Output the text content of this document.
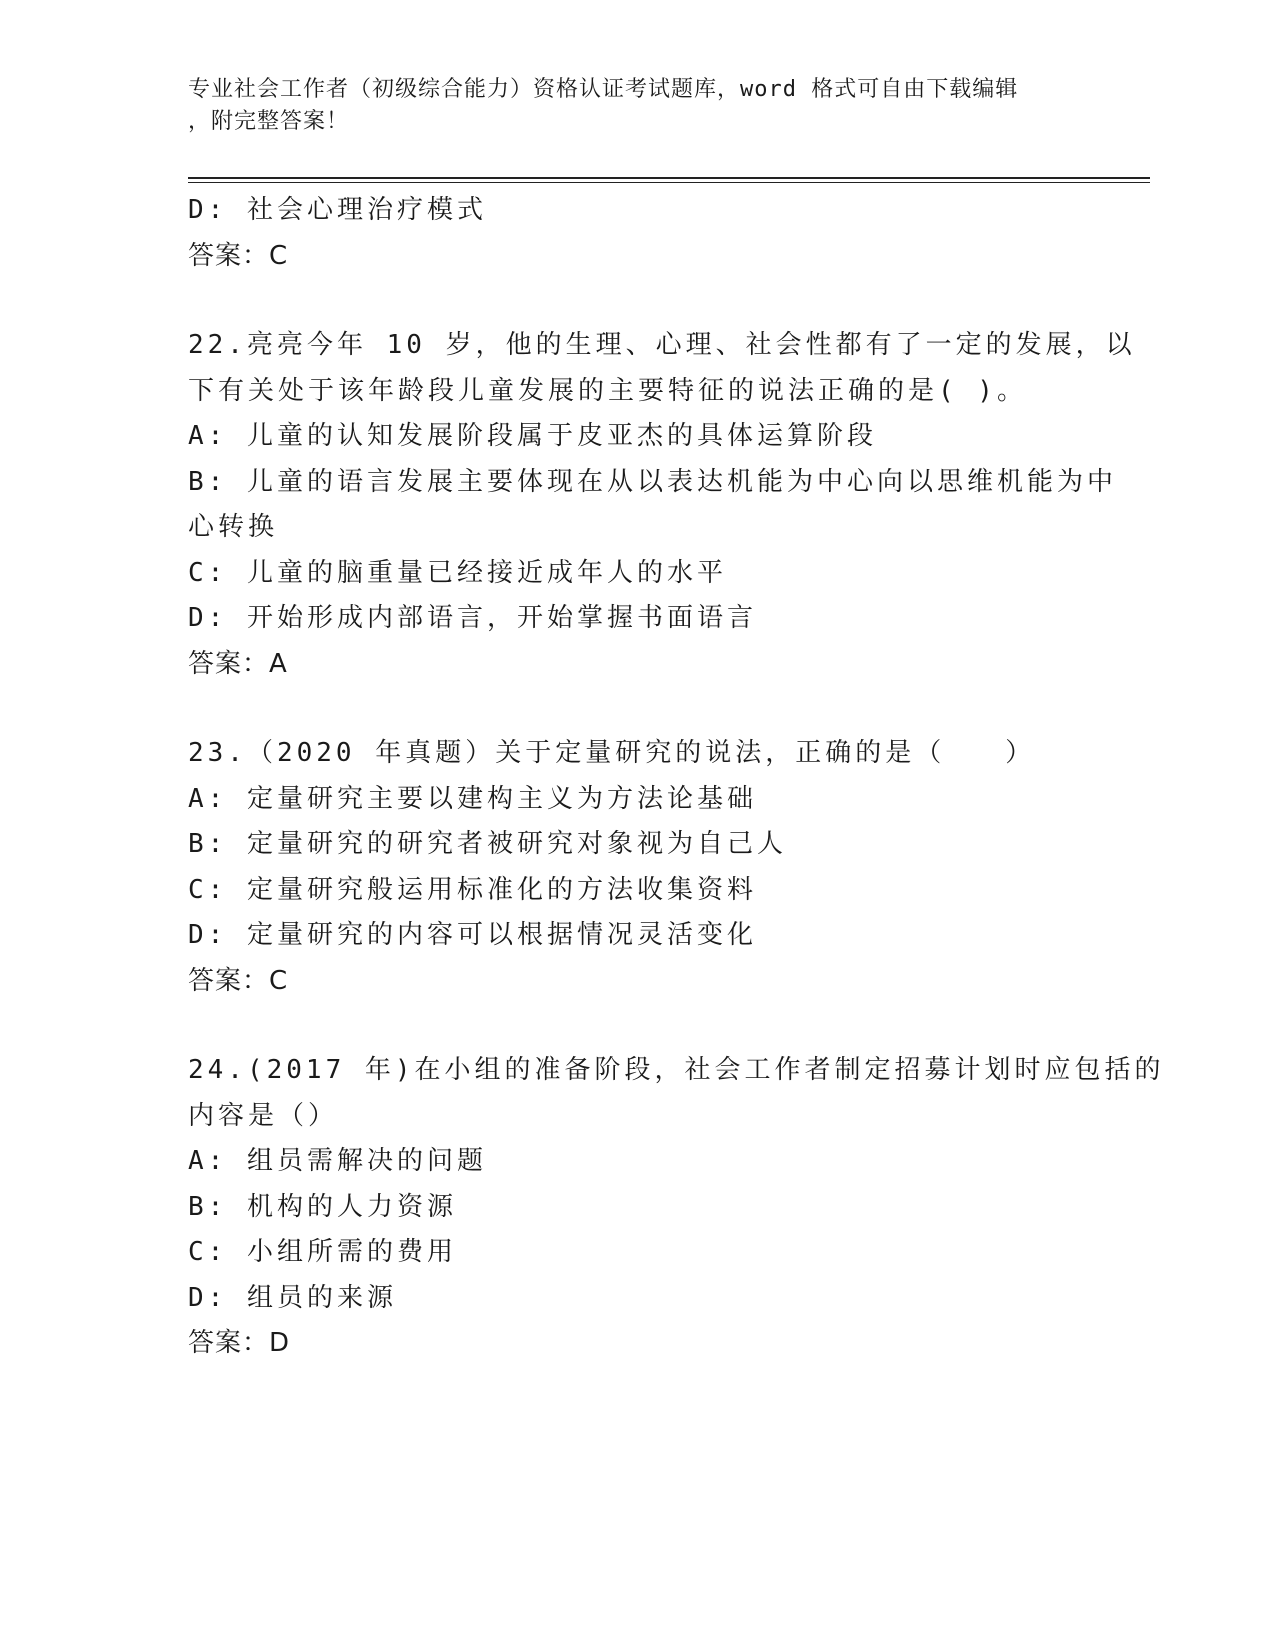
专业社会工作者（初级综合能力）资格认证考试题库，word 格式可自由下载编辑
，附完整答案！
D: 社会心理治疗模式
答案：C
22.亮亮今年 10 岁，他的生理、心理、社会性都有了一定的发展，以
下有关处于该年龄段儿童发展的主要特征的说法正确的是( )。
A: 儿童的认知发展阶段属于皮亚杰的具体运算阶段
B: 儿童的语言发展主要体现在从以表达机能为中心向以思维机能为中
心转换
C: 儿童的脑重量已经接近成年人的水平
D: 开始形成内部语言，开始掌握书面语言
答案：A
23.（2020 年真题）关于定量研究的说法，正确的是（　　）
A: 定量研究主要以建构主义为方法论基础
B: 定量研究的研究者被研究对象视为自己人
C: 定量研究般运用标准化的方法收集资料
D: 定量研究的内容可以根据情况灵活变化
答案：C
24.(2017 年)在小组的准备阶段，社会工作者制定招募计划时应包括的
内容是（）
A: 组员需解决的问题
B: 机构的人力资源
C: 小组所需的费用
D: 组员的来源
答案：D
